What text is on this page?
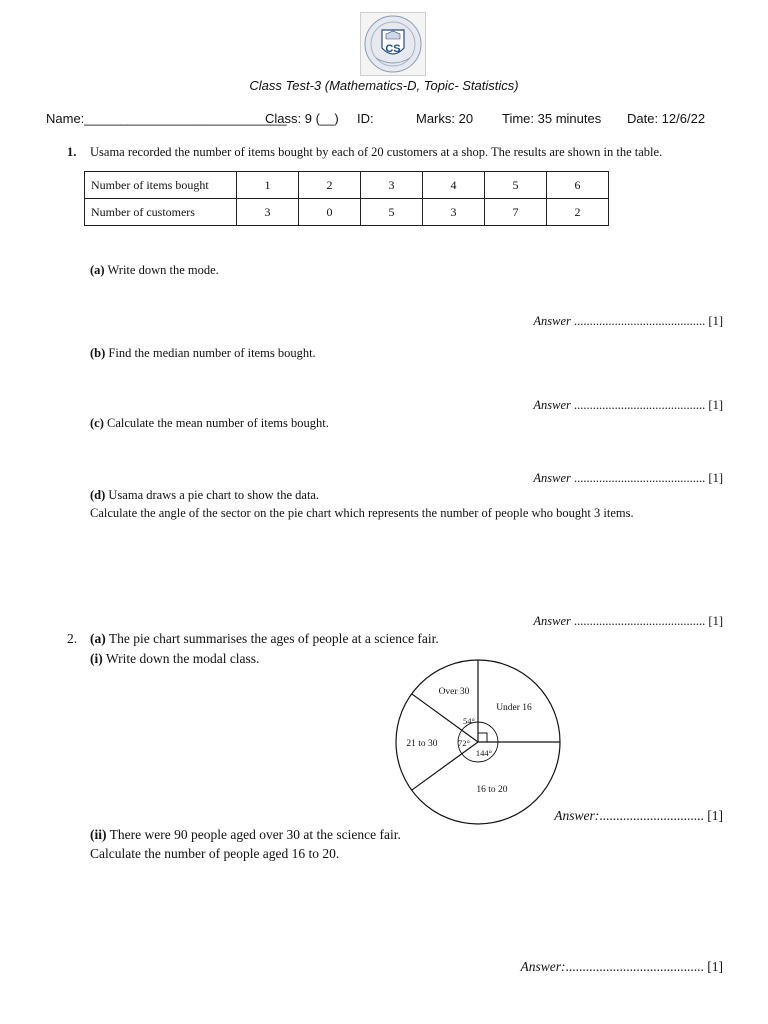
CS
Class Test-3 (Mathematics-D, Topic- Statistics)
Name:____________________________
Class: 9 (__) ID:	Marks: 20 Time: 35 minutes Date: 12/6/22
1. Usama recorded the number of items bought by each of 20 customers at a shop. The results are shown in the table.
Number of items bought	1	2	3	4	5	6
Number of customers	3	0	5	3	7	2
(a) Write down the mode.
Answer .......................................... [1]
(b) Find the median number of items bought.
Answer .......................................... [1]
(c) Calculate the mean number of items bought.
Answer .......................................... [1]
(d) Usama draws a pie chart to show the data.
Calculate the angle of the sector on the pie chart which represents the number of people who bought 3 items.
Answer .......................................... [1]
2. (a) The pie chart summarises the ages of people at a science fair.
(i) Write down the modal class.
Under 16
16 to 20
21 to 30
Over 30
144°
72°
54°
Answer:............................... [1]
(ii) There were 90 people aged over 30 at the science fair.
Calculate the number of people aged 16 to 20.
Answer:......................................... [1]
